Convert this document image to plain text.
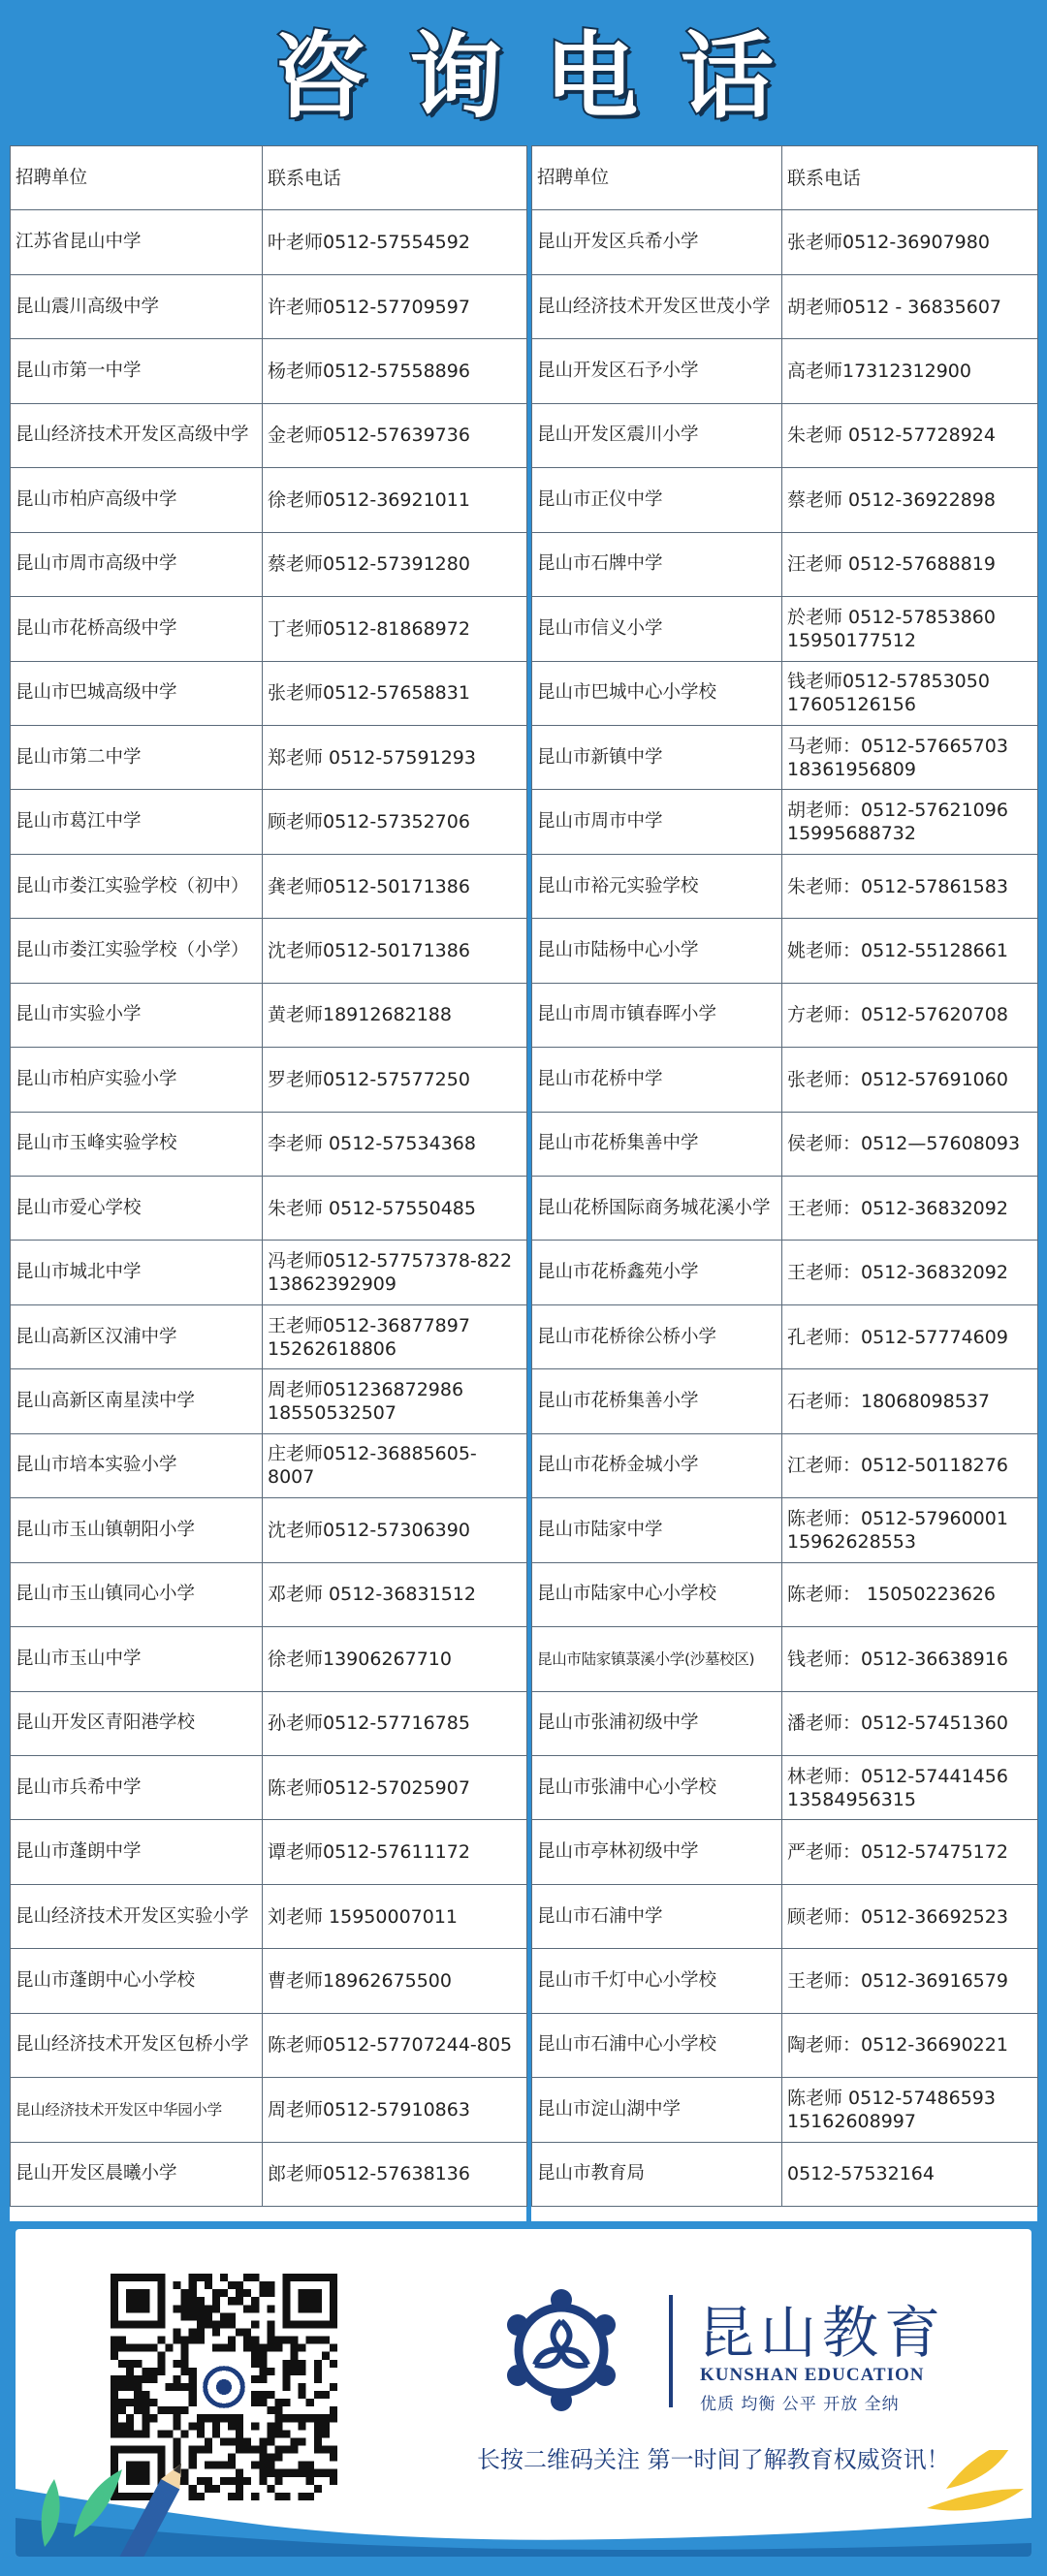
咨询电话
招聘单位	联系电话
江苏省昆山中学	叶老师0512-57554592
昆山震川高级中学	许老师0512-57709597
昆山市第一中学	杨老师0512-57558896
昆山经济技术开发区高级中学	金老师0512-57639736
昆山市柏庐高级中学	徐老师0512-36921011
昆山市周市高级中学	蔡老师0512-57391280
昆山市花桥高级中学	丁老师0512-81868972
昆山市巴城高级中学	张老师0512-57658831
昆山市第二中学	郑老师 0512-57591293
昆山市葛江中学	顾老师0512-57352706
昆山市娄江实验学校（初中）	龚老师0512-50171386
昆山市娄江实验学校（小学）	沈老师0512-50171386
昆山市实验小学	黄老师18912682188
昆山市柏庐实验小学	罗老师0512-57577250
昆山市玉峰实验学校	李老师 0512-57534368
昆山市爱心学校	朱老师 0512-57550485
昆山市城北中学	冯老师0512-57757378-822 13862392909
昆山高新区汉浦中学	王老师0512-36877897 15262618806
昆山高新区南星渎中学	周老师051236872986 18550532507
昆山市培本实验小学	庄老师0512-36885605-8007
昆山市玉山镇朝阳小学	沈老师0512-57306390
昆山市玉山镇同心小学	邓老师 0512-36831512
昆山市玉山中学	徐老师13906267710
昆山开发区青阳港学校	孙老师0512-57716785
昆山市兵希中学	陈老师0512-57025907
昆山市蓬朗中学	谭老师0512-57611172
昆山经济技术开发区实验小学	刘老师 15950007011
昆山市蓬朗中心小学校	曹老师18962675500
昆山经济技术开发区包桥小学	陈老师0512-57707244-805
昆山经济技术开发区中华园小学	周老师0512-57910863
昆山开发区晨曦小学	郎老师0512-57638136
招聘单位	联系电话
昆山开发区兵希小学	张老师0512-36907980
昆山经济技术开发区世茂小学	胡老师0512 - 36835607
昆山开发区石予小学	高老师17312312900
昆山开发区震川小学	朱老师 0512-57728924
昆山市正仪中学	蔡老师 0512-36922898
昆山市石牌中学	汪老师 0512-57688819
昆山市信义小学	於老师 0512-57853860 15950177512
昆山市巴城中心小学校	钱老师0512-57853050 17605126156
昆山市新镇中学	马老师：0512-57665703 18361956809
昆山市周市中学	胡老师：0512-57621096 15995688732
昆山市裕元实验学校	朱老师：0512-57861583
昆山市陆杨中心小学	姚老师：0512-55128661
昆山市周市镇春晖小学	方老师：0512-57620708
昆山市花桥中学	张老师：0512-57691060
昆山市花桥集善中学	侯老师：0512—57608093
昆山花桥国际商务城花溪小学	王老师：0512-36832092
昆山市花桥鑫苑小学	王老师：0512-36832092
昆山市花桥徐公桥小学	孔老师：0512-57774609
昆山市花桥集善小学	石老师：18068098537
昆山市花桥金城小学	江老师：0512-50118276
昆山市陆家中学	陈老师：0512-57960001 15962628553
昆山市陆家中心小学校	陈老师： 15050223626
昆山市陆家镇菉溪小学(沙墓校区)	钱老师：0512-36638916
昆山市张浦初级中学	潘老师：0512-57451360
昆山市张浦中心小学校	林老师：0512-57441456 13584956315
昆山市亭林初级中学	严老师：0512-57475172
昆山市石浦中学	顾老师：0512-36692523
昆山市千灯中心小学校	王老师：0512-36916579
昆山市石浦中心小学校	陶老师：0512-36690221
昆山市淀山湖中学	陈老师 0512-57486593 15162608997
昆山市教育局	0512-57532164
昆山教育
KUNSHAN EDUCATION
优质 均衡 公平 开放 全纳
长按二维码关注 第一时间了解教育权威资讯！
